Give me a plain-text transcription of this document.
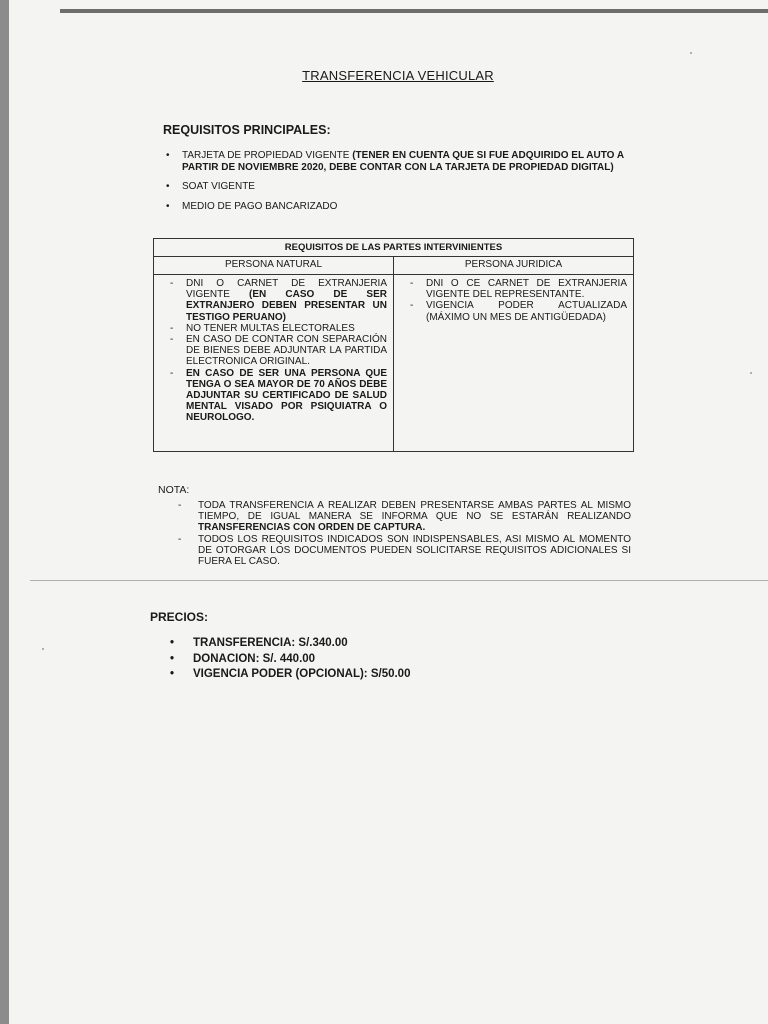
TRANSFERENCIA VEHICULAR
REQUISITOS PRINCIPALES:
• TARJETA DE PROPIEDAD VIGENTE (TENER EN CUENTA QUE SI FUE ADQUIRIDO EL AUTO A PARTIR DE NOVIEMBRE 2020, DEBE CONTAR CON LA TARJETA DE PROPIEDAD DIGITAL)
• SOAT VIGENTE
• MEDIO DE PAGO BANCARIZADO
REQUISITOS DE LAS PARTES INTERVINIENTES
PERSONA NATURAL
- DNI O CARNET DE EXTRANJERIA VIGENTE (EN CASO DE SER EXTRANJERO DEBEN PRESENTAR UN TESTIGO PERUANO)
- NO TENER MULTAS ELECTORALES
- EN CASO DE CONTAR CON SEPARACIÓN DE BIENES DEBE ADJUNTAR LA PARTIDA ELECTRONICA ORIGINAL.
- EN CASO DE SER UNA PERSONA QUE TENGA O SEA MAYOR DE 70 AÑOS DEBE ADJUNTAR SU CERTIFICADO DE SALUD MENTAL VISADO POR PSIQUIATRA O NEUROLOGO.
PERSONA JURIDICA
- DNI O CE CARNET DE EXTRANJERIA VIGENTE DEL REPRESENTANTE.
- VIGENCIA PODER ACTUALIZADA (MÁXIMO UN MES DE ANTIGÜEDADA)
NOTA:
- TODA TRANSFERENCIA A REALIZAR DEBEN PRESENTARSE AMBAS PARTES AL MISMO TIEMPO, DE IGUAL MANERA SE INFORMA QUE NO SE ESTARÁN REALIZANDO TRANSFERENCIAS CON ORDEN DE CAPTURA.
- TODOS LOS REQUISITOS INDICADOS SON INDISPENSABLES, ASI MISMO AL MOMENTO DE OTORGAR LOS DOCUMENTOS PUEDEN SOLICITARSE REQUISITOS ADICIONALES SI FUERA EL CASO.
PRECIOS:
• TRANSFERENCIA: S/.340.00
• DONACION: S/. 440.00
• VIGENCIA PODER (OPCIONAL): S/50.00
